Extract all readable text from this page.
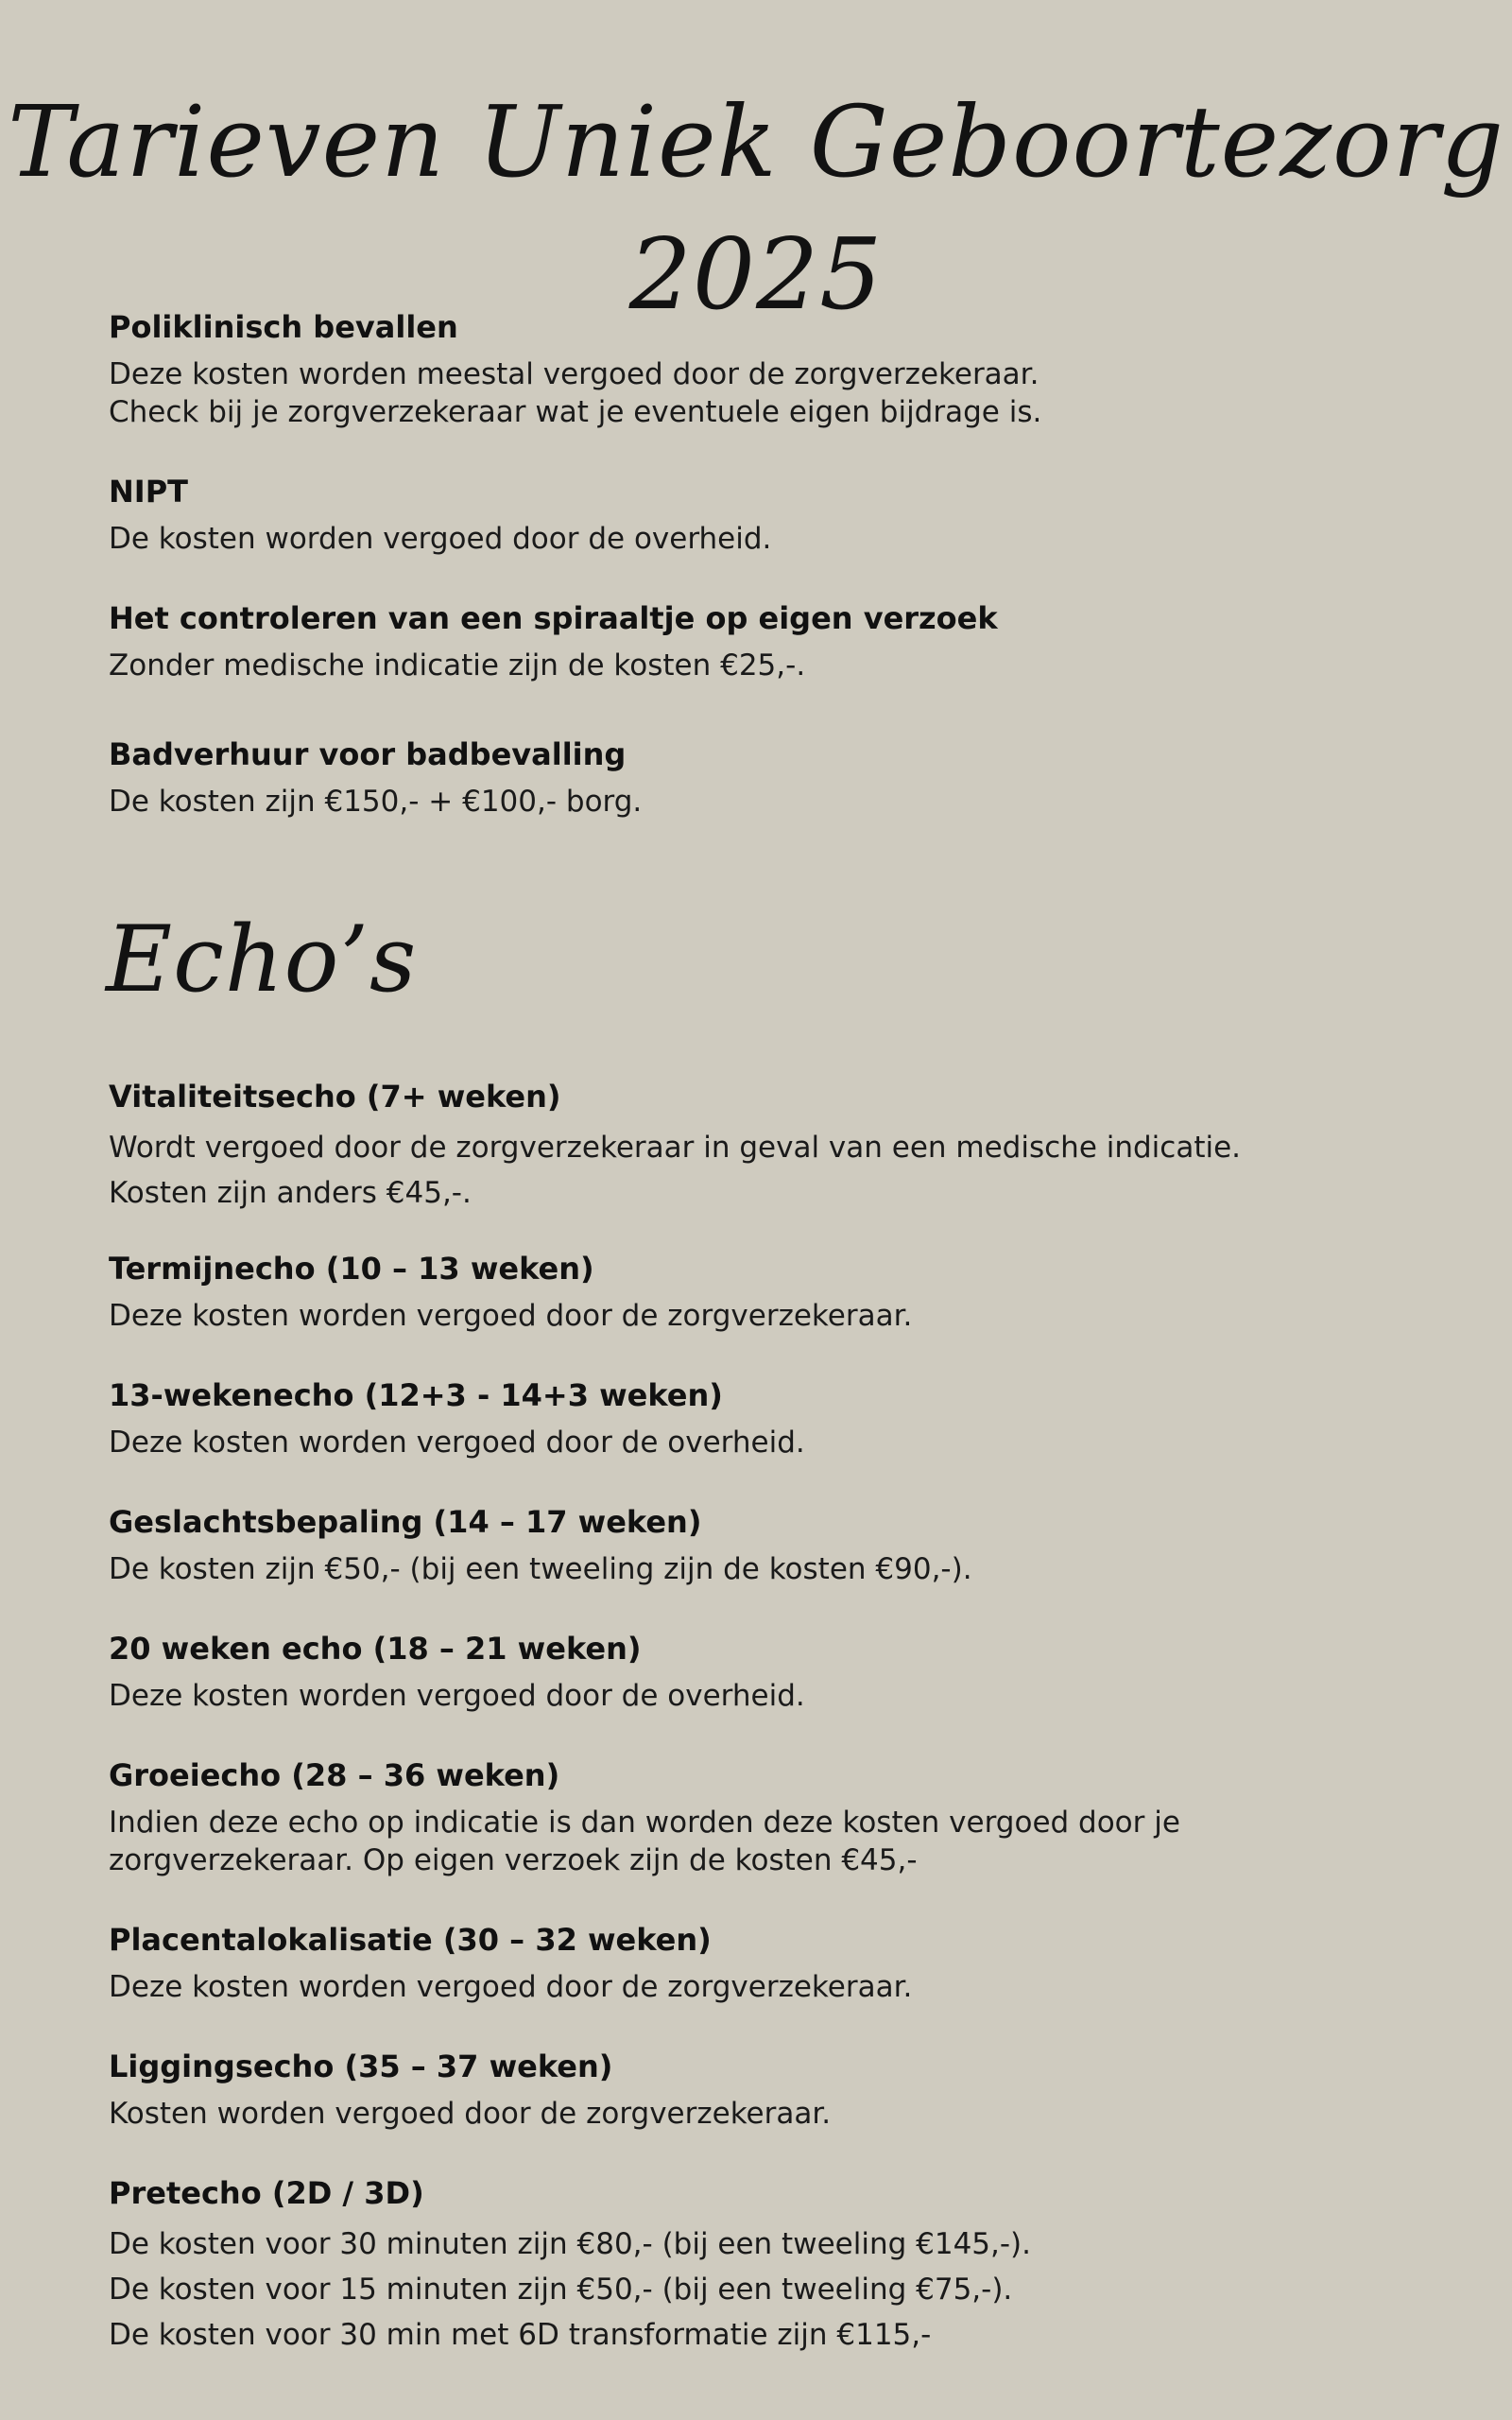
Tarieven Uniek Geboortezorg 2025
Poliklinisch bevallen
Deze kosten worden meestal vergoed door de zorgverzekeraar.
Check bij je zorgverzekeraar wat je eventuele eigen bijdrage is.
NIPT
De kosten worden vergoed door de overheid.
Het controleren van een spiraaltje op eigen verzoek
Zonder medische indicatie zijn de kosten €25,-.
Badverhuur voor badbevalling
De kosten zijn €150,- + €100,- borg.
Echo’s
Vitaliteitsecho (7+ weken)
Wordt vergoed door de zorgverzekeraar in geval van een medische indicatie.
Kosten zijn anders €45,-.
Termijnecho (10 – 13 weken)
Deze kosten worden vergoed door de zorgverzekeraar.
13-wekenecho (12+3 - 14+3 weken)
Deze kosten worden vergoed door de overheid.
Geslachtsbepaling (14 – 17 weken)
De kosten zijn €50,- (bij een tweeling zijn de kosten €90,-).
20 weken echo (18 – 21 weken)
Deze kosten worden vergoed door de overheid.
Groeiecho (28 – 36 weken)
Indien deze echo op indicatie is dan worden deze kosten vergoed door je
zorgverzekeraar. Op eigen verzoek zijn de kosten €45,-
Placentalokalisatie (30 – 32 weken)
Deze kosten worden vergoed door de zorgverzekeraar.
Liggingsecho (35 – 37 weken)
Kosten worden vergoed door de zorgverzekeraar.
Pretecho (2D / 3D)
De kosten voor 30 minuten zijn €80,- (bij een tweeling €145,-).
De kosten voor 15 minuten zijn €50,- (bij een tweeling €75,-).
De kosten voor 30 min met 6D transformatie zijn €115,-
